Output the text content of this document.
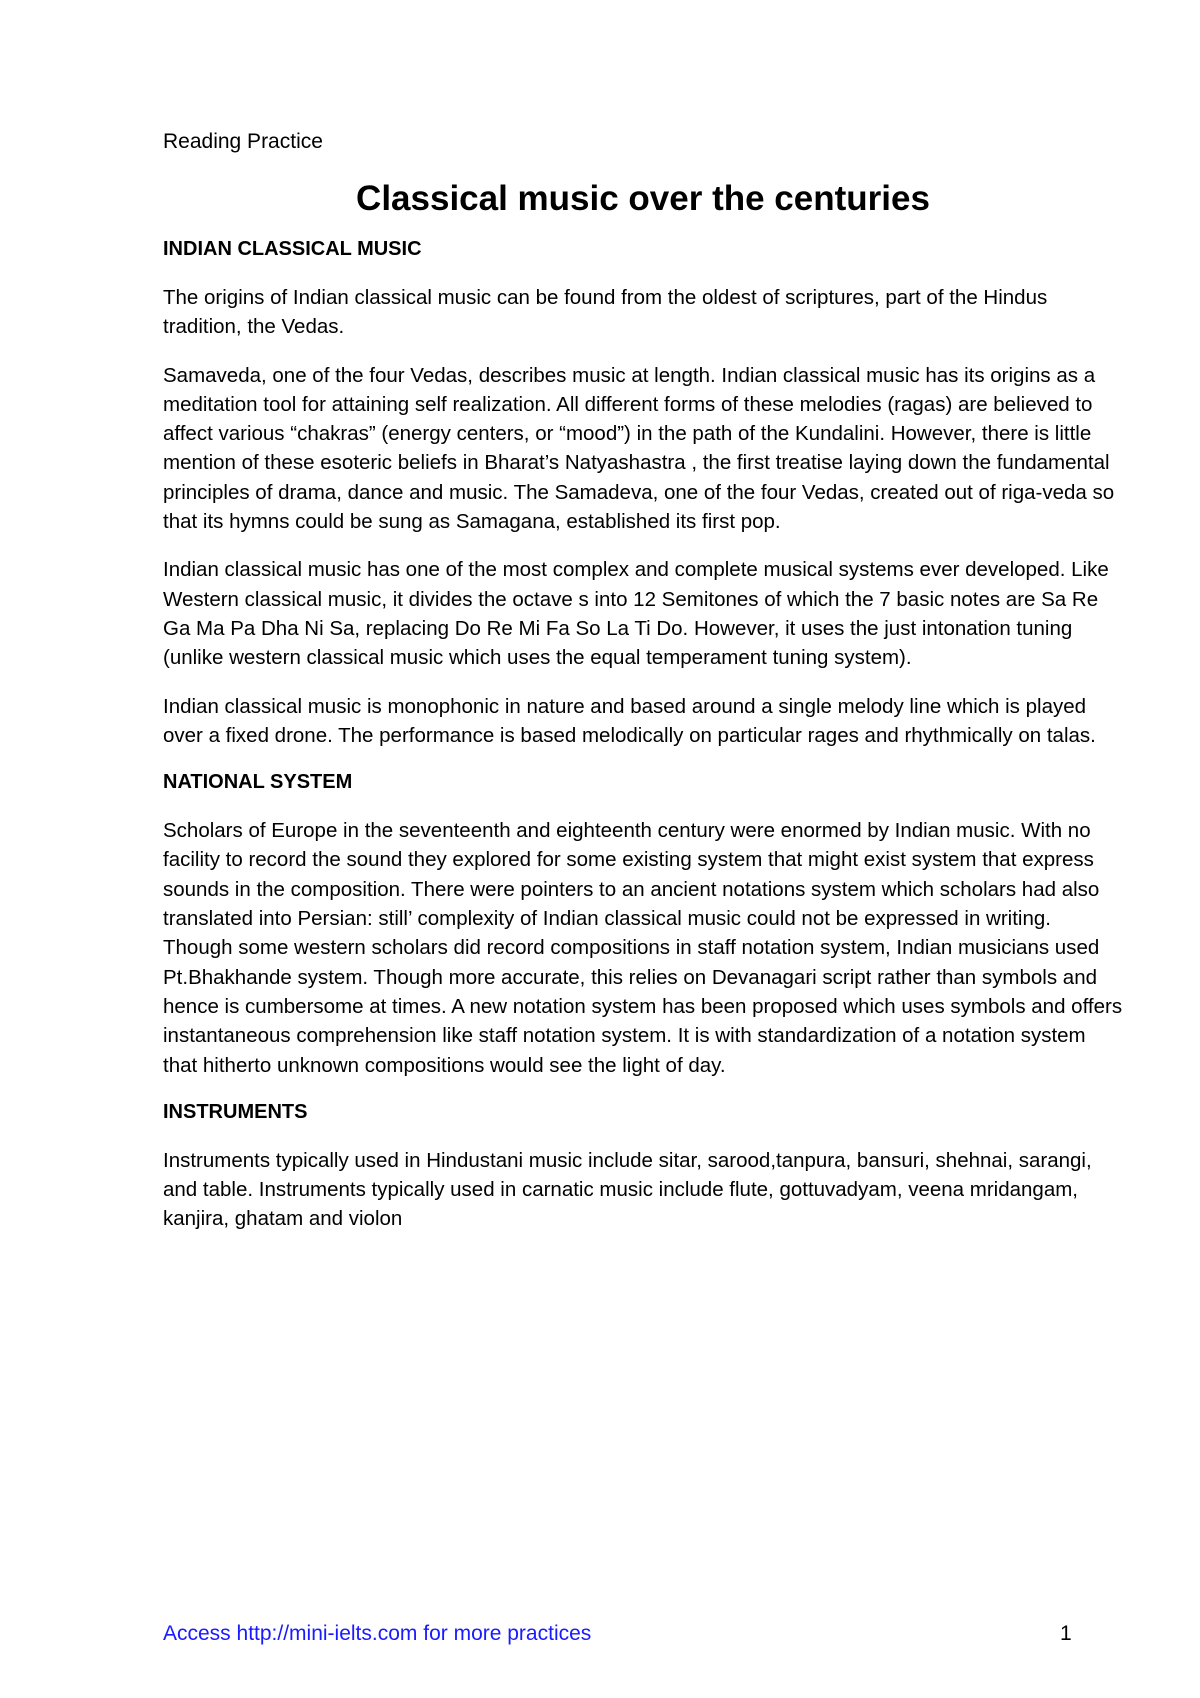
Reading Practice

Classical music over the centuries
INDIAN CLASSICAL MUSIC

The origins of Indian classical music can be found from the oldest of scriptures, part of the Hindus tradition, the Vedas.

Samaveda, one of the four Vedas, describes music at length. Indian classical music has its origins as a meditation tool for attaining self realization. All different forms of these melodies (ragas) are believed to affect various “chakras” (energy centers, or “mood”) in the path of the Kundalini. However, there is little mention of these esoteric beliefs in Bharat’s Natyashastra , the first treatise laying down the fundamental principles of drama, dance and music. The Samadeva, one of the four Vedas, created out of riga-veda so that its hymns could be sung as Samagana, established its first pop.

Indian classical music has one of the most complex and complete musical systems ever developed. Like Western classical music, it divides the octave s into 12 Semitones of which the 7 basic notes are Sa Re Ga Ma Pa Dha Ni Sa, replacing Do Re Mi Fa So La Ti Do. However, it uses the just intonation tuning (unlike western classical music which uses the equal temperament tuning system).

Indian classical music is monophonic in nature and based around a single melody line which is played over a fixed drone. The performance is based melodically on particular rages and rhythmically on talas.

NATIONAL SYSTEM

Scholars of Europe in the seventeenth and eighteenth century were enormed by Indian music. With no facility to record the sound they explored for some existing system that might exist system that express sounds in the composition. There were pointers to an ancient notations system which scholars had also translated into Persian: still’ complexity of Indian classical music could not be expressed in writing. Though some western scholars did record compositions in staff notation system, Indian musicians used Pt.Bhakhande system. Though more accurate, this relies on Devanagari script rather than symbols and hence is cumbersome at times. A new notation system has been proposed which uses symbols and offers instantaneous comprehension like staff notation system. It is with standardization of a notation system that hitherto unknown compositions would see the light of day.

INSTRUMENTS

Instruments typically used in Hindustani music include sitar, sarood,tanpura, bansuri, shehnai, sarangi, and table. Instruments typically used in carnatic music include flute, gottuvadyam, veena mridangam, kanjira, ghatam and violon

Access http://mini-ielts.com for more practices	1
